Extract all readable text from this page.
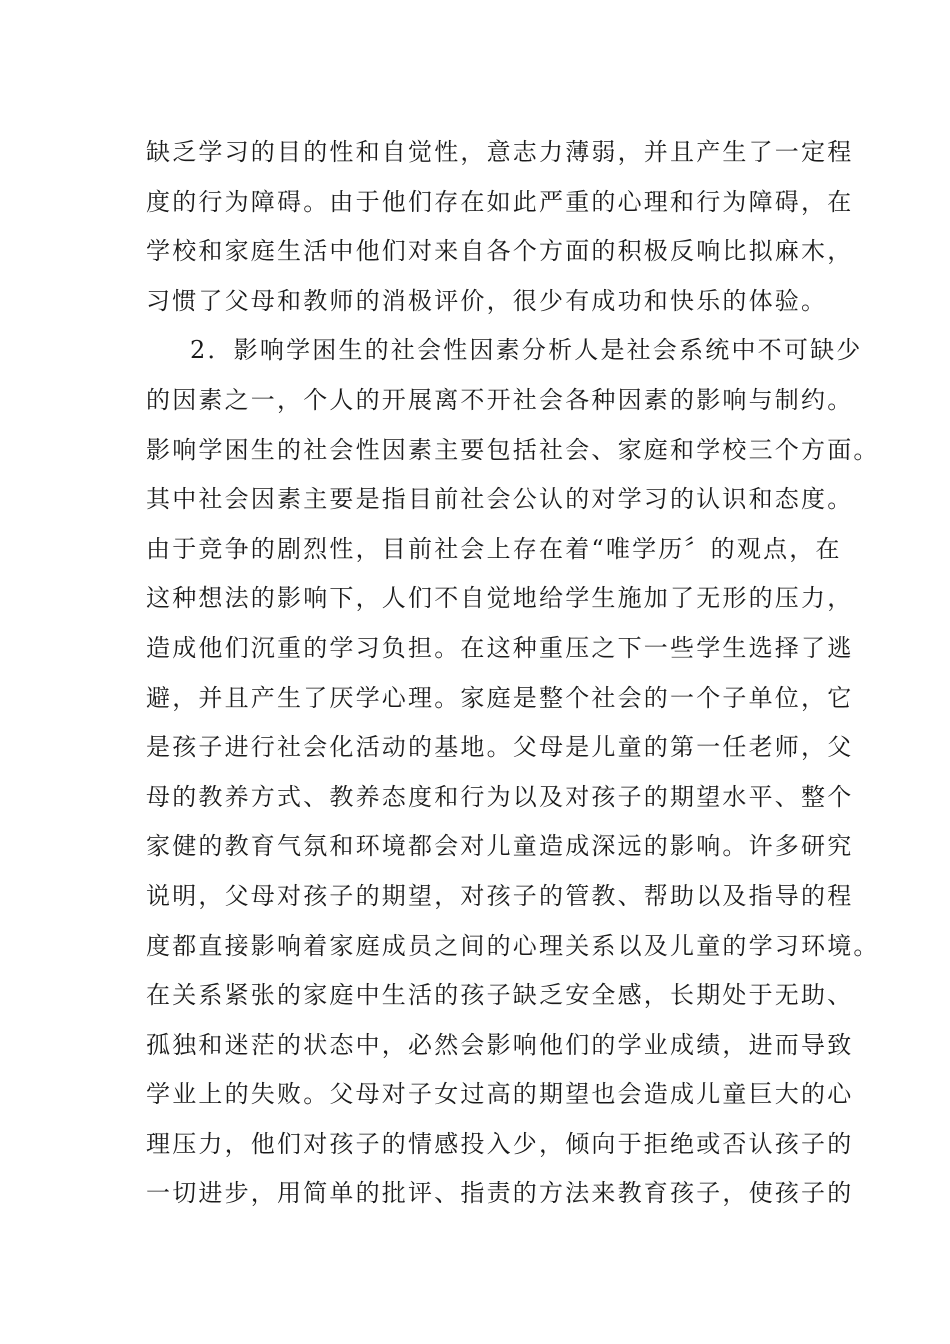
缺乏学习的目的性和自觉性，意志力薄弱，并且产生了一定程
度的行为障碍。由于他们存在如此严重的心理和行为障碍，在
学校和家庭生活中他们对来自各个方面的积极反响比拟麻木，
习惯了父母和教师的消极评价，很少有成功和快乐的体验。
2．影响学困生的社会性因素分析人是社会系统中不可缺少
的因素之一，个人的开展离不开社会各种因素的影响与制约。
影响学困生的社会性因素主要包括社会、家庭和学校三个方面。
其中社会因素主要是指目前社会公认的对学习的认识和态度。
由于竞争的剧烈性，目前社会上存在着“唯学历〞的观点，在
这种想法的影响下，人们不自觉地给学生施加了无形的压力，
造成他们沉重的学习负担。在这种重压之下一些学生选择了逃
避，并且产生了厌学心理。家庭是整个社会的一个子单位，它
是孩子进行社会化活动的基地。父母是儿童的第一任老师，父
母的教养方式、教养态度和行为以及对孩子的期望水平、整个
家健的教育气氛和环境都会对儿童造成深远的影响。许多研究
说明，父母对孩子的期望，对孩子的管教、帮助以及指导的程
度都直接影响着家庭成员之间的心理关系以及儿童的学习环境。
在关系紧张的家庭中生活的孩子缺乏安全感，长期处于无助、
孤独和迷茫的状态中，必然会影响他们的学业成绩，进而导致
学业上的失败。父母对子女过高的期望也会造成儿童巨大的心
理压力，他们对孩子的情感投入少，倾向于拒绝或否认孩子的
一切进步，用简单的批评、指责的方法来教育孩子，使孩子的
